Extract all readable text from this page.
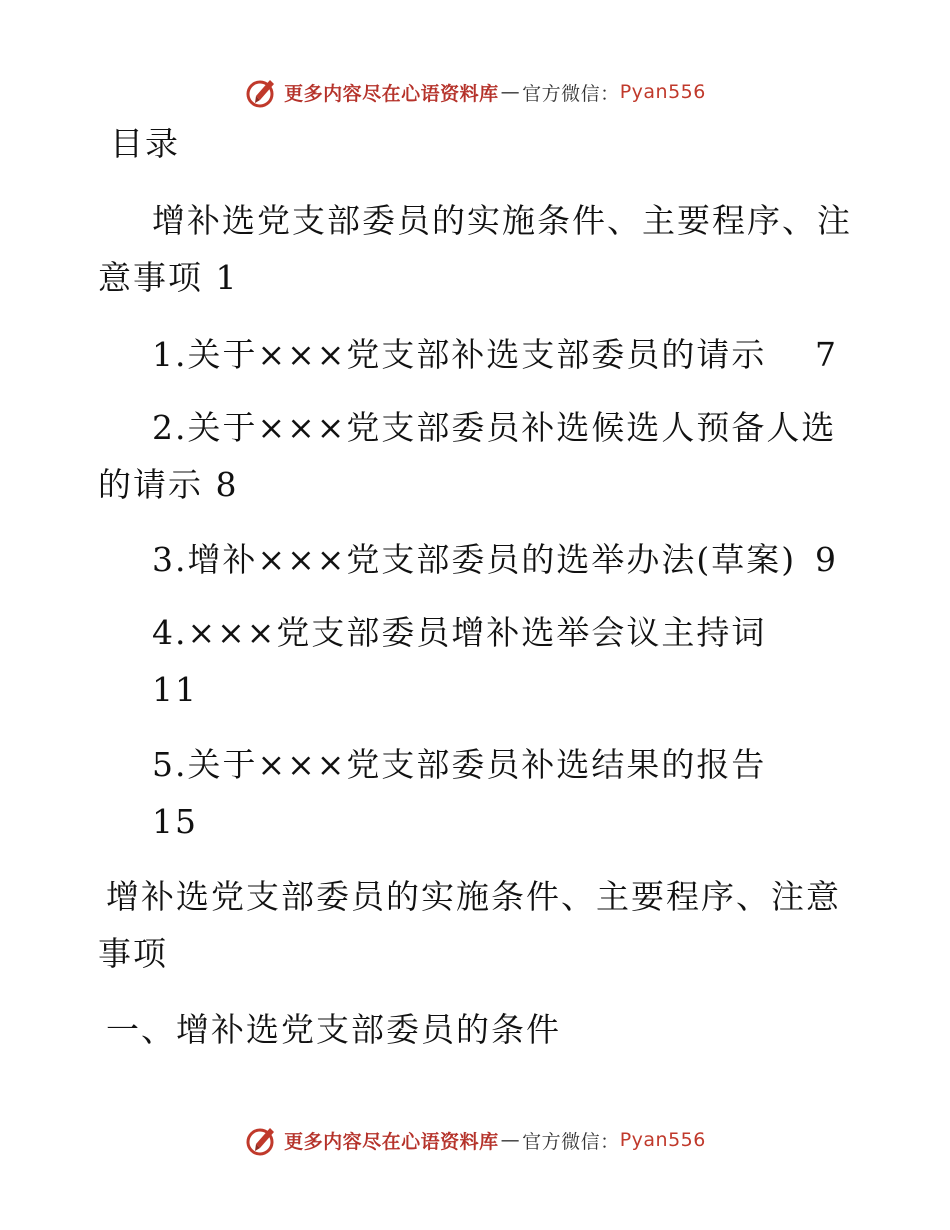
更多内容尽在心语资料库 — 官方微信： Pyan556
目录
增补选党支部委员的实施条件、主要程序、注
意事项 1
1.关于×××党支部补选支部委员的请示 7
2.关于×××党支部委员补选候选人预备人选
的请示 8
3.增补×××党支部委员的选举办法(草案) 9
4.×××党支部委员增补选举会议主持词
11
5.关于×××党支部委员补选结果的报告
15
增补选党支部委员的实施条件、主要程序、注意
事项
一、增补选党支部委员的条件
更多内容尽在心语资料库 — 官方微信： Pyan556
